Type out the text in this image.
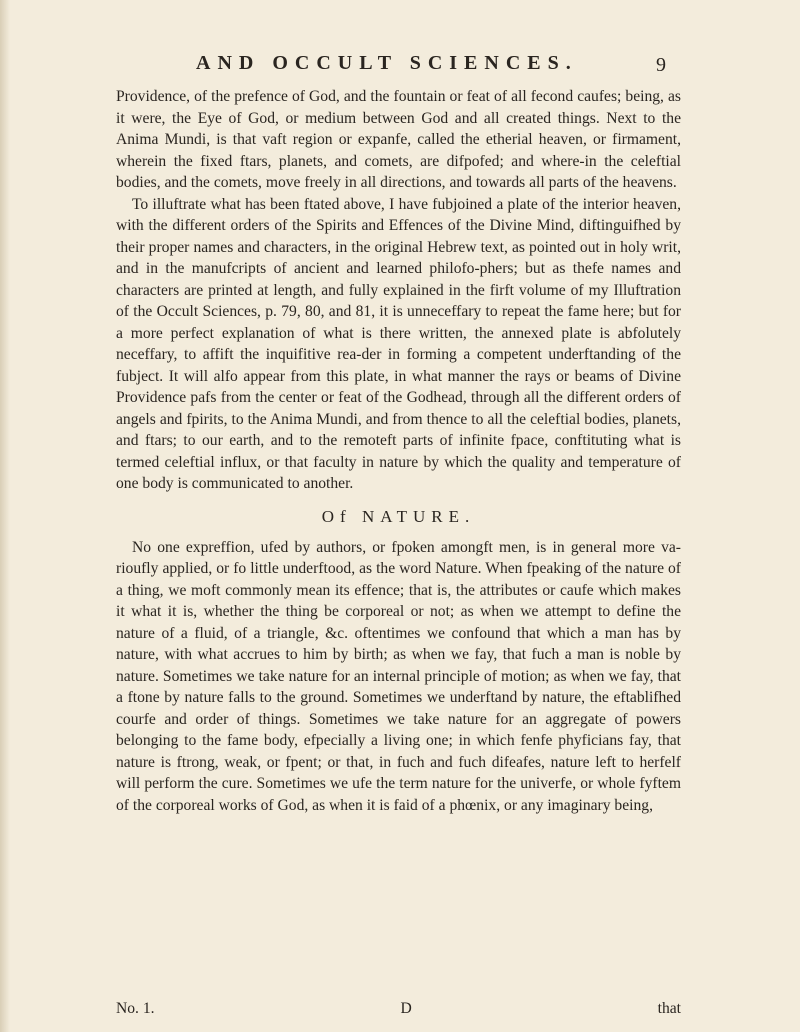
AND OCCULT SCIENCES.	9

Providence, of the prefence of God, and the fountain or feat of all fecond caufes; being, as it were, the Eye of God, or medium between God and all created things. Next to the Anima Mundi, is that vaft region or expanfe, called the etherial heaven, or firmament, wherein the fixed ftars, planets, and comets, are difpofed; and where-in the celeftial bodies, and the comets, move freely in all directions, and towards all parts of the heavens.

To illuftrate what has been ftated above, I have fubjoined a plate of the interior heaven, with the different orders of the Spirits and Effences of the Divine Mind, diftinguifhed by their proper names and characters, in the original Hebrew text, as pointed out in holy writ, and in the manufcripts of ancient and learned philofo-phers; but as thefe names and characters are printed at length, and fully explained in the firft volume of my Illuftration of the Occult Sciences, p. 79, 80, and 81, it is unneceffary to repeat the fame here; but for a more perfect explanation of what is there written, the annexed plate is abfolutely neceffary, to affift the inquifitive rea-der in forming a competent underftanding of the fubject. It will alfo appear from this plate, in what manner the rays or beams of Divine Providence pafs from the center or feat of the Godhead, through all the different orders of angels and fpirits, to the Anima Mundi, and from thence to all the celeftial bodies, planets, and ftars; to our earth, and to the remoteft parts of infinite fpace, conftituting what is termed celeftial influx, or that faculty in nature by which the quality and temperature of one body is communicated to another.

Of NATURE.

No one expreffion, ufed by authors, or fpoken amongft men, is in general more va-rioufly applied, or fo little underftood, as the word Nature. When fpeaking of the nature of a thing, we moft commonly mean its effence; that is, the attributes or caufe which makes it what it is, whether the thing be corporeal or not; as when we attempt to define the nature of a fluid, of a triangle, &c. oftentimes we confound that which a man has by nature, with what accrues to him by birth; as when we fay, that fuch a man is noble by nature. Sometimes we take nature for an internal principle of motion; as when we fay, that a ftone by nature falls to the ground. Sometimes we underftand by nature, the eftablifhed courfe and order of things. Sometimes we take nature for an aggregate of powers belonging to the fame body, efpecially a living one; in which fenfe phyficians fay, that nature is ftrong, weak, or fpent; or that, in fuch and fuch difeafes, nature left to herfelf will perform the cure. Sometimes we ufe the term nature for the univerfe, or whole fyftem of the corporeal works of God, as when it is faid of a phœnix, or any imaginary being,

No. 1.	D	that
